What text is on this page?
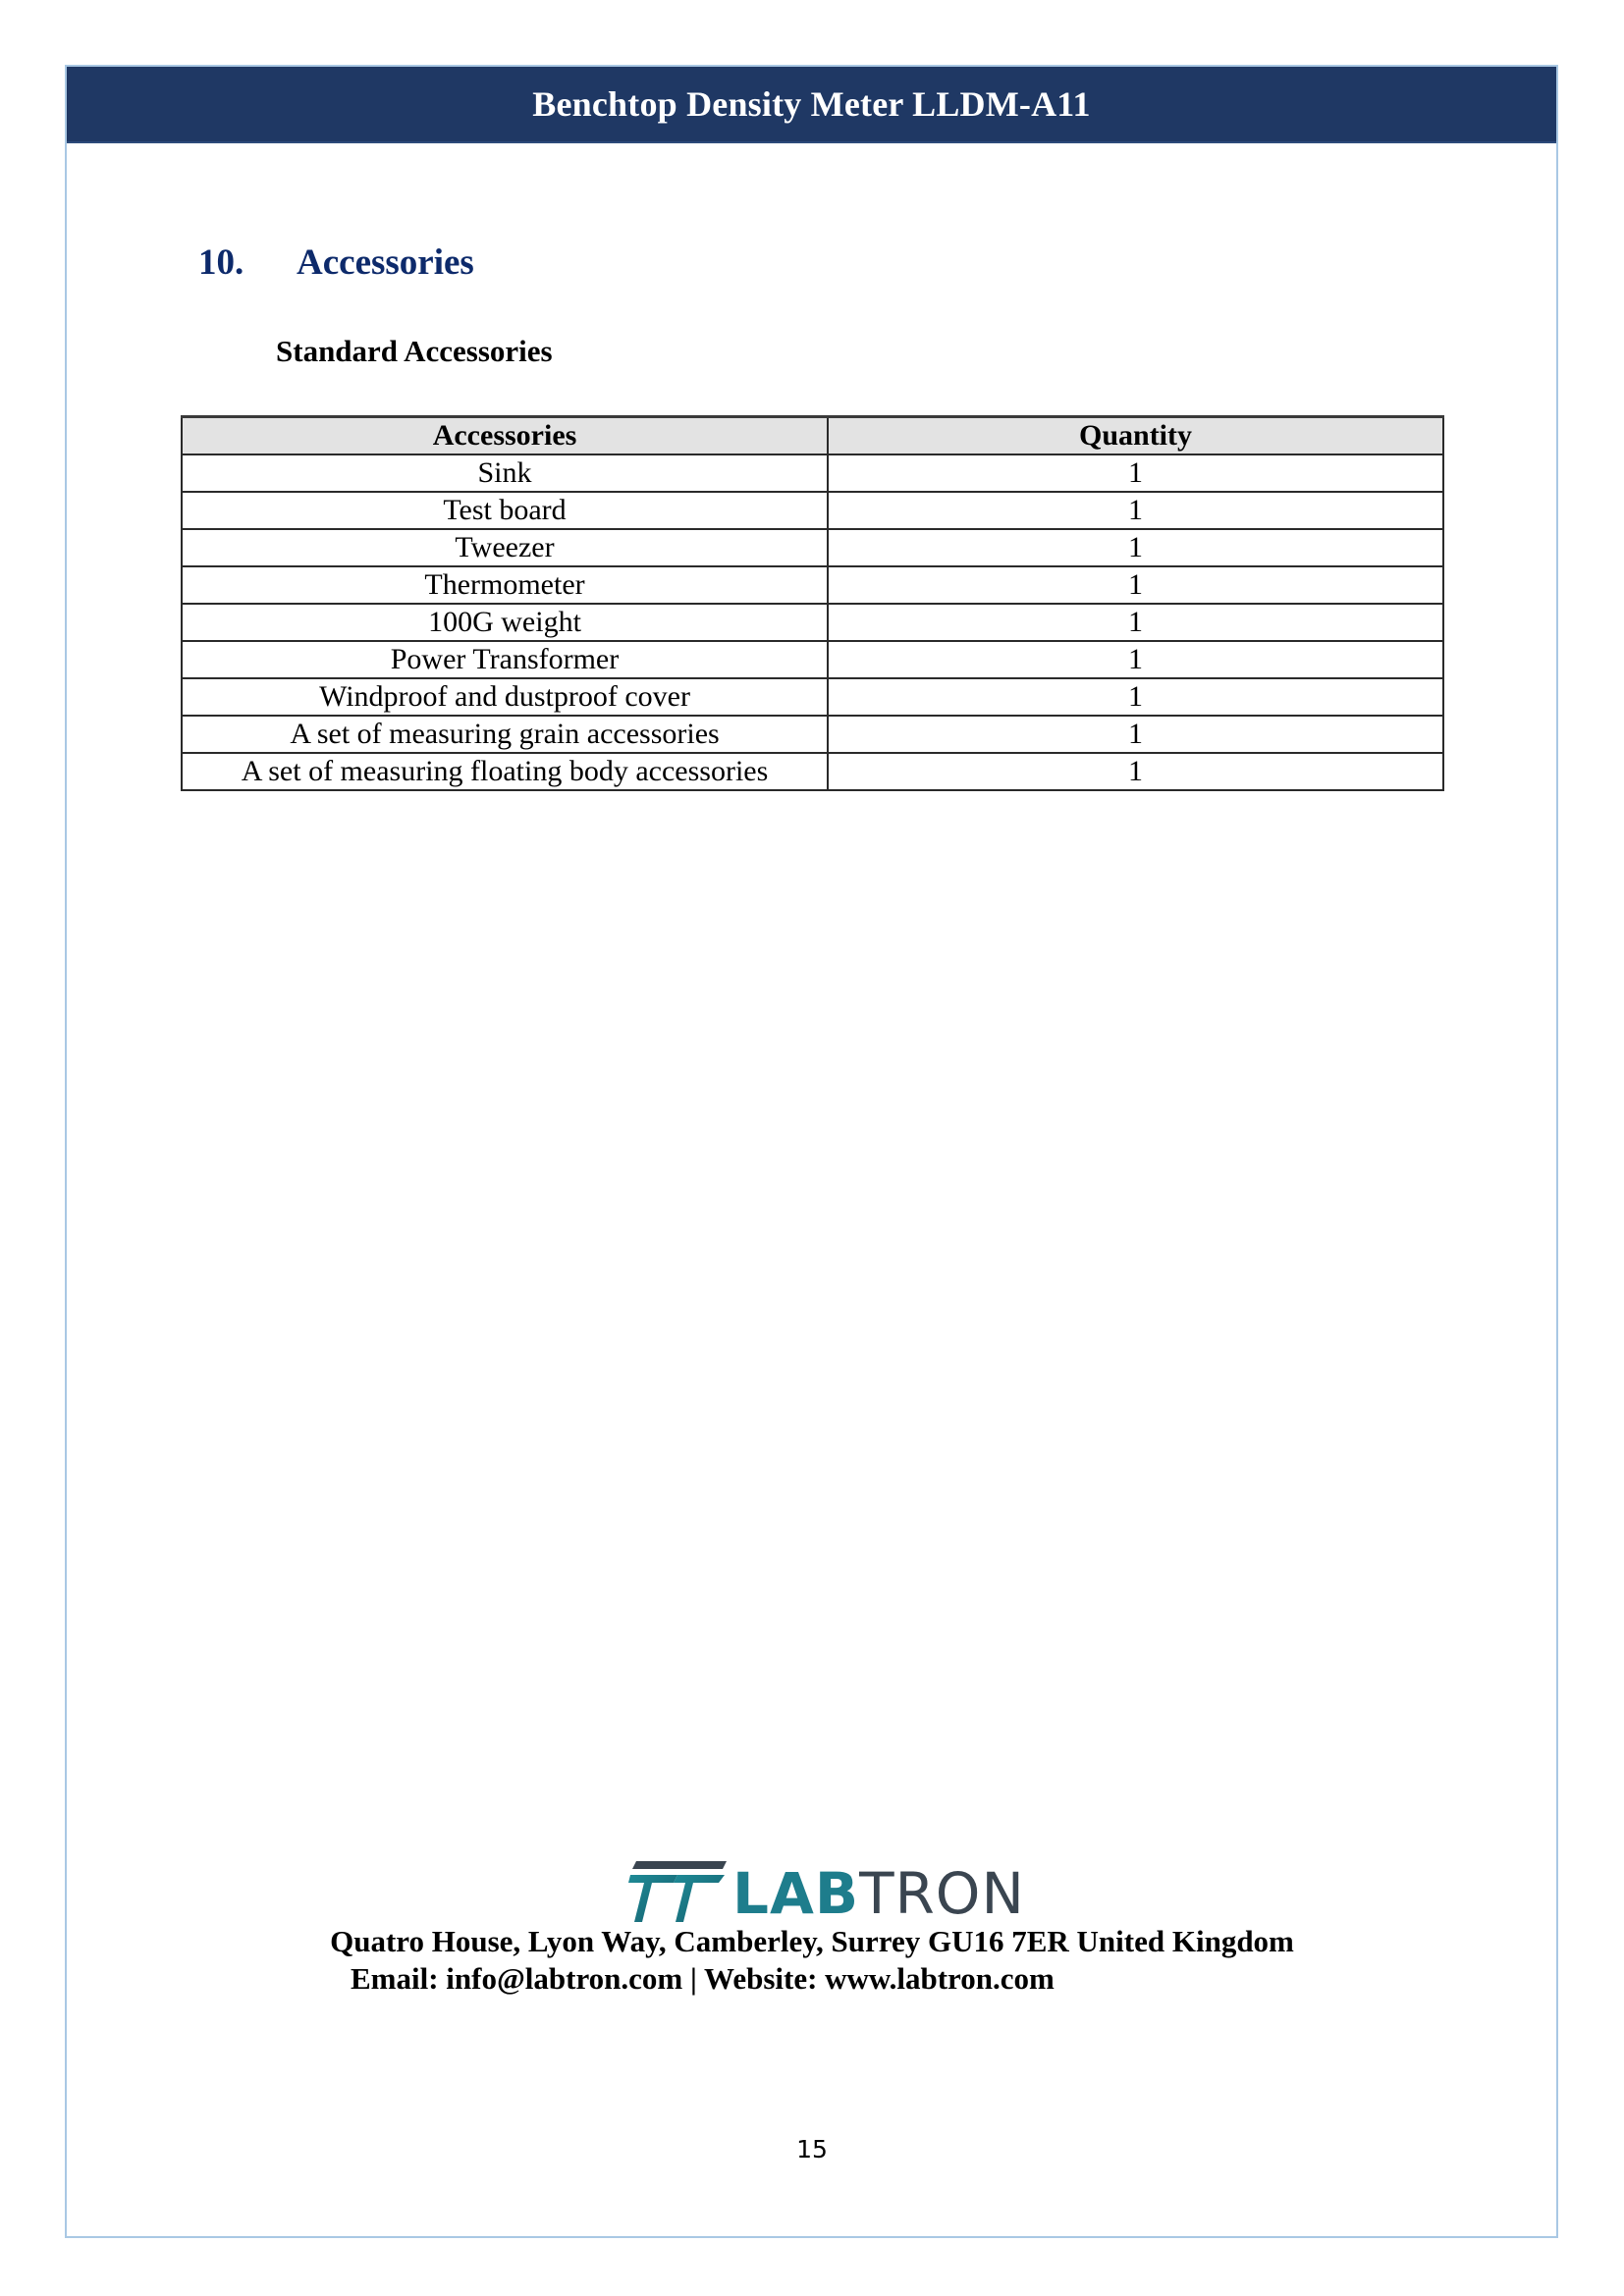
Benchtop Density Meter LLDM-A11
10.	Accessories
Standard Accessories
Accessories	Quantity
Sink	1
Test board	1
Tweezer	1
Thermometer	1
100G weight	1
Power Transformer	1
Windproof and dustproof cover	1
A set of measuring grain accessories	1
A set of measuring floating body accessories	1
LABTRON
Quatro House, Lyon Way, Camberley, Surrey GU16 7ER United Kingdom
Email: info@labtron.com | Website: www.labtron.com
15
